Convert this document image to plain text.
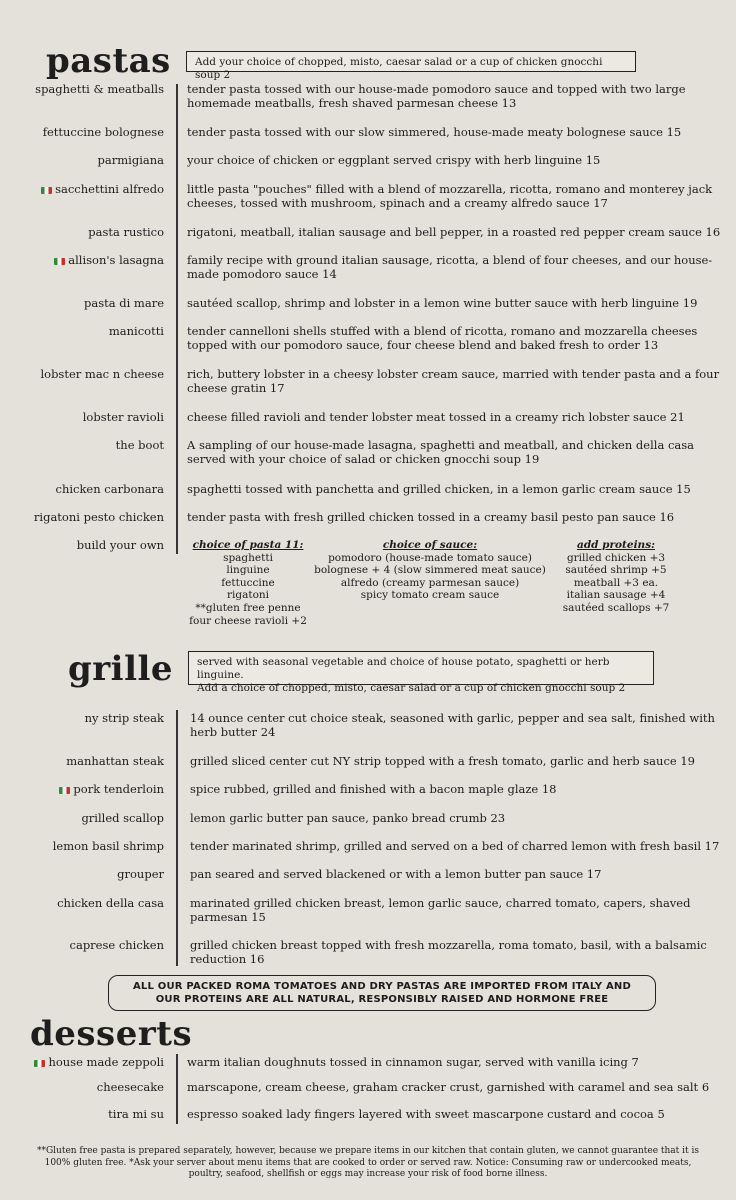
pastas	Add your choice of chopped, misto, caesar salad or a cup of chicken gnocchi soup 2
spaghetti & meatballs tender pasta tossed with our house-made pomodoro sauce and topped with two large homemade meatballs, fresh shaved parmesan cheese 13
fettuccine bolognese tender pasta tossed with our slow simmered, house-made meaty bolognese sauce 15
parmigiana your choice of chicken or eggplant served crispy with herb linguine 15
sacchettini alfredo little pasta "pouches" filled with a blend of mozzarella, ricotta, romano and monterey jack cheeses, tossed with mushroom, spinach and a creamy alfredo sauce 17
pasta rustico rigatoni, meatball, italian sausage and bell pepper, in a roasted red pepper cream sauce 16
allison's lasagna family recipe with ground italian sausage, ricotta, a blend of four cheeses, and our house-made pomodoro sauce 14
pasta di mare sautéed scallop, shrimp and lobster in a lemon wine butter sauce with herb linguine 19
manicotti tender cannelloni shells stuffed with a blend of ricotta, romano and mozzarella cheeses topped with our pomodoro sauce, four cheese blend and baked fresh to order 13
lobster mac n cheese rich, buttery lobster in a cheesy lobster cream sauce, married with tender pasta and a four cheese gratin 17
lobster ravioli cheese filled ravioli and tender lobster meat tossed in a creamy rich lobster sauce 21
the boot A sampling of our house-made lasagna, spaghetti and meatball, and chicken della casa served with your choice of salad or chicken gnocchi soup 19
chicken carbonara spaghetti tossed with panchetta and grilled chicken, in a lemon garlic cream sauce 15
rigatoni pesto chicken tender pasta with fresh grilled chicken tossed in a creamy basil pesto pan sauce 16
build your own	choice of pasta 11:
spaghetti
linguine
fettuccine
rigatoni
**gluten free penne
four cheese ravioli +2
choice of sauce:
pomodoro (house-made tomato sauce)
bolognese + 4 (slow simmered meat sauce)
alfredo (creamy parmesan sauce)
spicy tomato cream sauce
add proteins:
grilled chicken +3
sautéed shrimp +5
meatball +3 ea.
italian sausage +4
sautéed scallops +7
grille served with seasonal vegetable and choice of house potato, spaghetti or herb linguine.
Add a choice of chopped, misto, caesar salad or a cup of chicken gnocchi soup 2
ny strip steak 14 ounce center cut choice steak, seasoned with garlic, pepper and sea salt, finished with herb butter 24
manhattan steak grilled sliced center cut NY strip topped with a fresh tomato, garlic and herb sauce 19
pork tenderloin spice rubbed, grilled and finished with a bacon maple glaze 18
grilled scallop lemon garlic butter pan sauce, panko bread crumb 23
lemon basil shrimp tender marinated shrimp, grilled and served on a bed of charred lemon with fresh basil 17
grouper pan seared and served blackened or with a lemon butter pan sauce 17
chicken della casa marinated grilled chicken breast, lemon garlic sauce, charred tomato, capers, shaved parmesan 15
caprese chicken grilled chicken breast topped with fresh mozzarella, roma tomato, basil, with a balsamic reduction 16
ALL OUR PACKED ROMA TOMATOES AND DRY PASTAS ARE IMPORTED FROM ITALY AND
OUR PROTEINS ARE ALL NATURAL, RESPONSIBLY RAISED AND HORMONE FREE
desserts
house made zeppoli warm italian doughnuts tossed in cinnamon sugar, served with vanilla icing 7
cheesecake marscapone, cream cheese, graham cracker crust, garnished with caramel and sea salt 6
tira mi su espresso soaked lady fingers layered with sweet mascarpone custard and cocoa 5
**Gluten free pasta is prepared separately, however, because we prepare items in our kitchen that contain gluten, we cannot guarantee that it is 100% gluten free. *Ask your server about menu items that are cooked to order or served raw. Notice: Consuming raw or undercooked meats, poultry, seafood, shellfish or eggs may increase your risk of food borne illness.
